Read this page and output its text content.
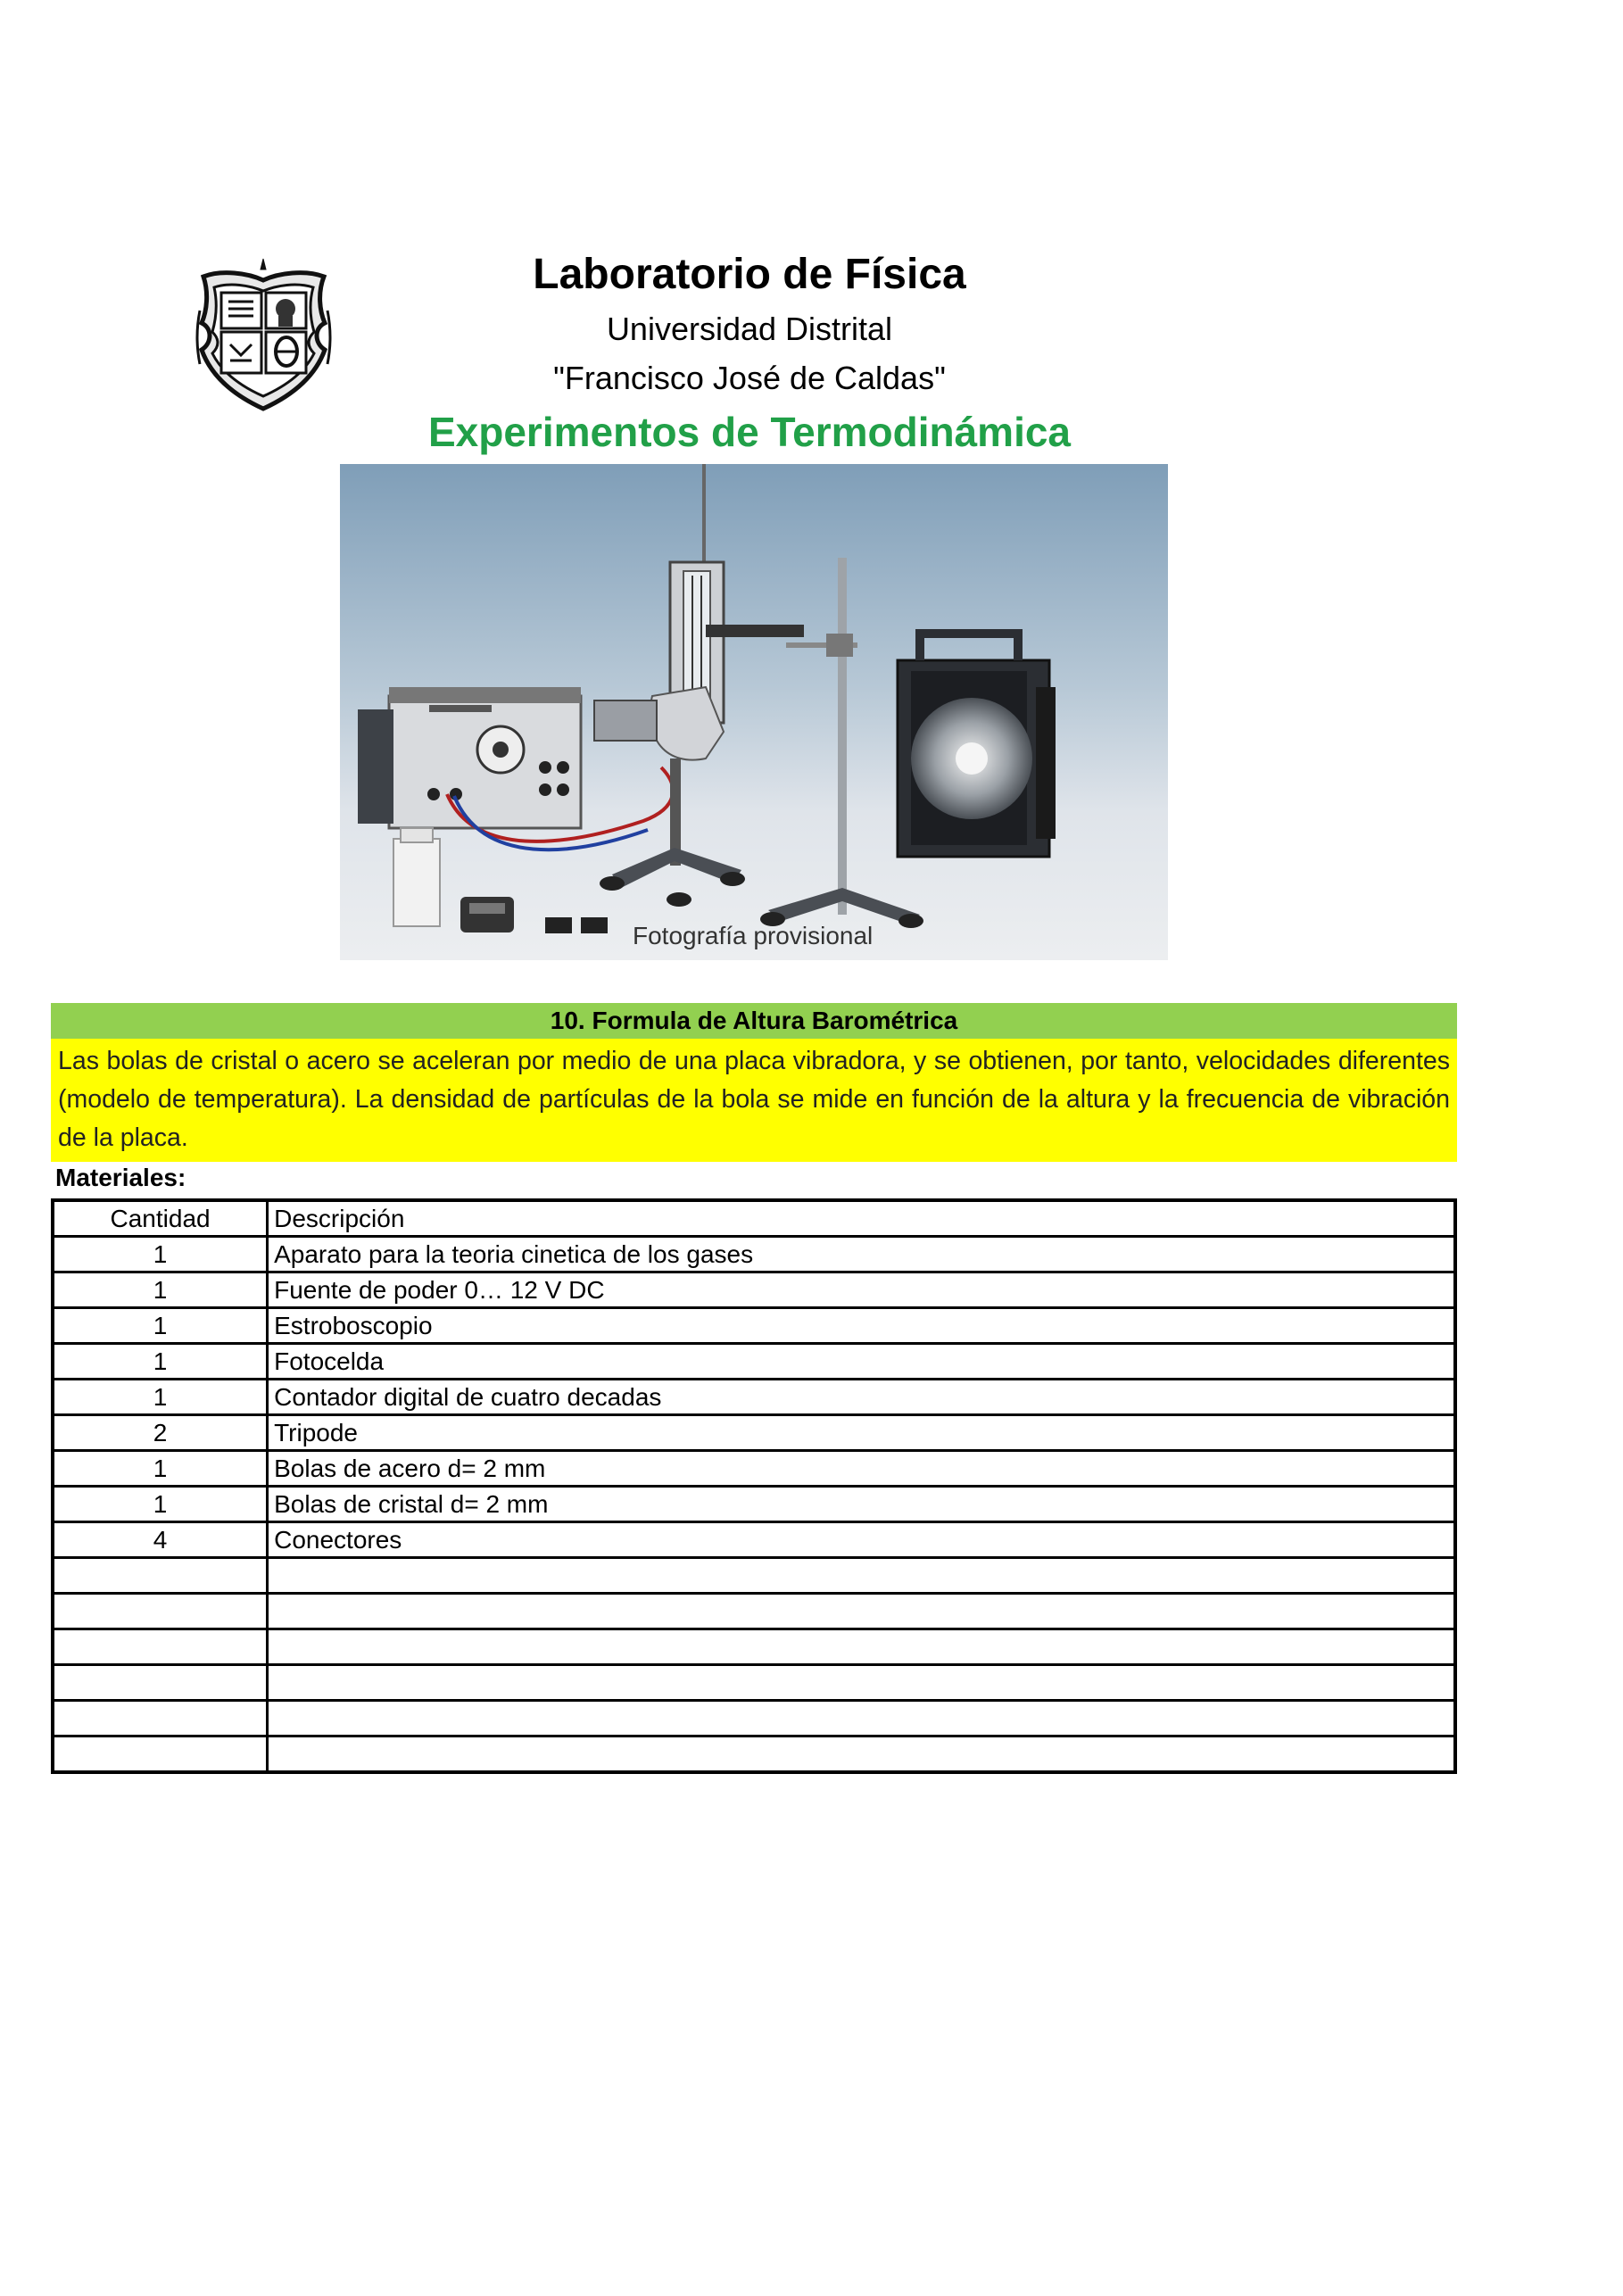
Laboratorio de Física
Universidad Distrital
"Francisco José de Caldas"
Experimentos de Termodinámica
Fotografía provisional
10. Formula de Altura Barométrica
Las bolas de cristal o acero se aceleran por medio de una placa vibradora, y se obtienen, por tanto, velocidades diferentes (modelo de temperatura). La densidad de partículas de la bola se mide en función de la altura y la frecuencia de vibración de la placa.
Materiales:
Cantidad	Descripción
1	Aparato para la teoria cinetica de los gases
1	Fuente de poder 0… 12 V DC
1	Estroboscopio
1	Fotocelda
1	Contador digital de cuatro decadas
2	Tripode
1	Bolas de acero d= 2 mm
1	Bolas de cristal d= 2 mm
4	Conectores
